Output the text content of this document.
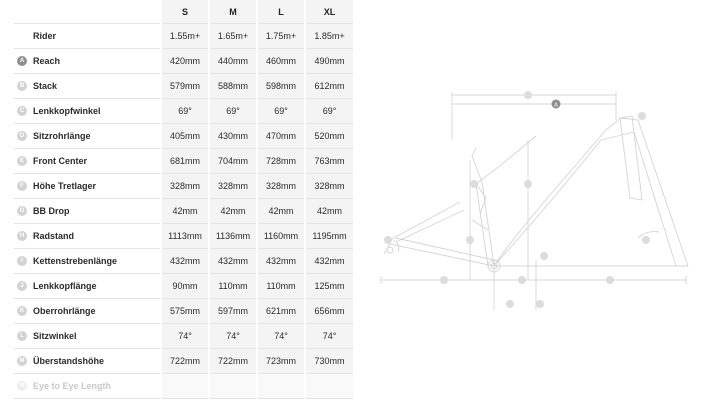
	S	M	L	XL
Rider	1.55m+	1.65m+	1.75m+	1.85m+
A Reach	420mm	440mm	460mm	490mm
B Stack	579mm	588mm	598mm	612mm
C Lenkkopfwinkel	69°	69°	69°	69°
D Sitzrohrlänge	405mm	430mm	470mm	520mm
E Front Center	681mm	704mm	728mm	763mm
F Höhe Tretlager	328mm	328mm	328mm	328mm
G BB Drop	42mm	42mm	42mm	42mm
H Radstand	1113mm	1136mm	1160mm	1195mm
I Kettenstrebenlänge	432mm	432mm	432mm	432mm
J Lenkkopflänge	90mm	110mm	110mm	125mm
K Oberrohrlänge	575mm	597mm	621mm	656mm
L Sitzwinkel	74°	74°	74°	74°
M Überstandshöhe	722mm	722mm	723mm	730mm
N Eye to Eye Length				
A
